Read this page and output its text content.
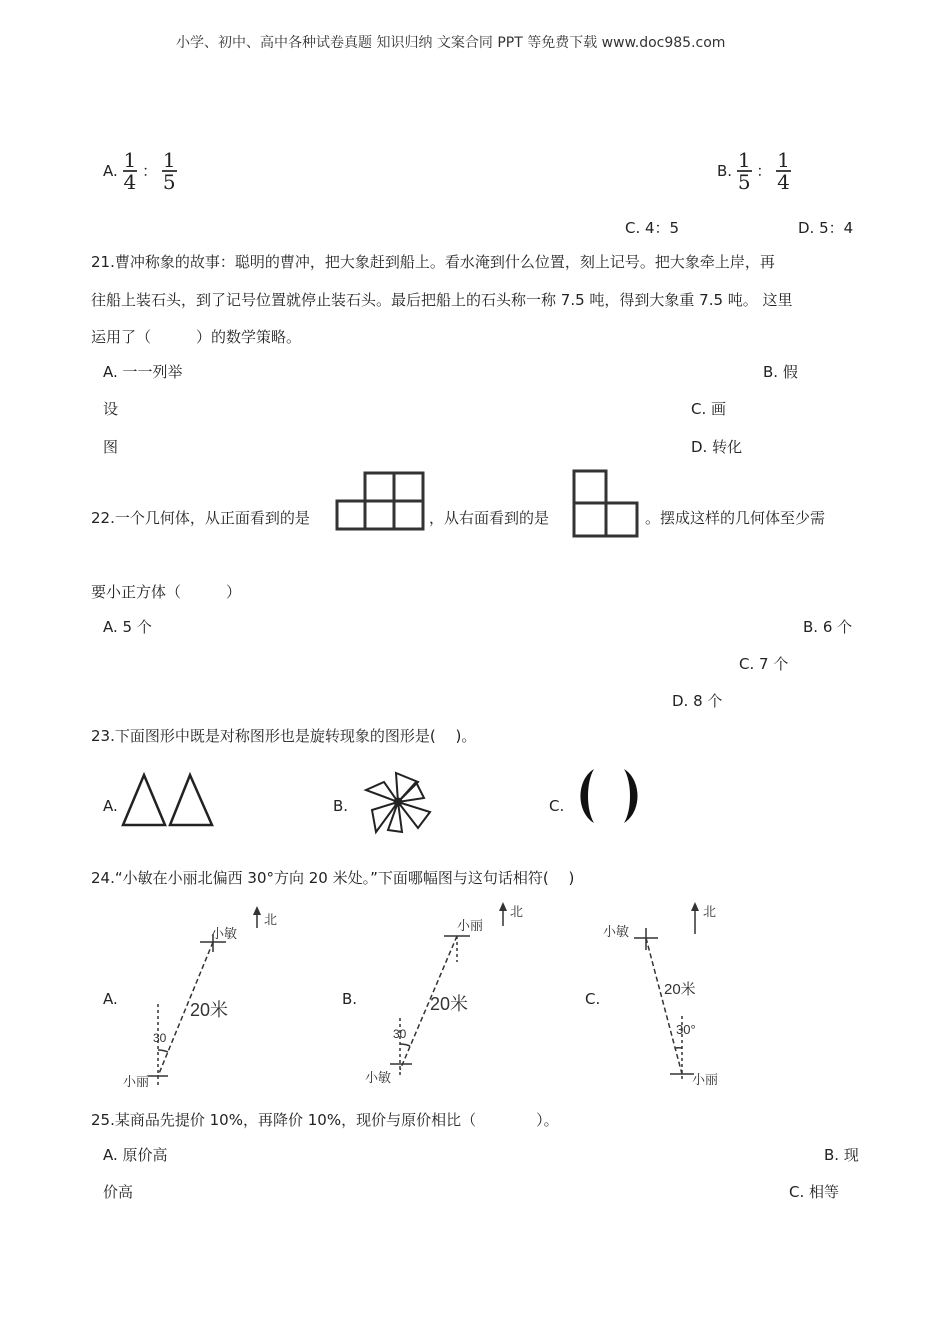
小学、初中、高中各种试卷真题 知识归纳 文案合同 PPT 等免费下载 www.doc985.com
A. $\frac{1}{4}$ ： $\frac{1}{5}$	B. $\frac{1}{5}$ ： $\frac{1}{4}$
C. 4：5	D. 5：4
21.曹冲称象的故事：聪明的曹冲，把大象赶到船上。看水淹到什么位置，刻上记号。把大象牵上岸，再
往船上装石头，到了记号位置就停止装石头。最后把船上的石头称一称 7.5 吨，得到大象重 7.5 吨。 这里
运用了（　　　）的数学策略。
A. 一一列举	B. 假
设	C. 画
图	D. 转化
22.一个几何体，从正面看到的是	，从右面看到的是	。摆成这样的几何体至少需
要小正方体（　　　）
A. 5 个	B. 6 个
C. 7 个
D. 8 个
23.下面图形中既是对称图形也是旋转现象的图形是(　 )。
A.	B.	C.
24.“小敏在小丽北偏西 30°方向 20 米处。”下面哪幅图与这句话相符(　 )
A.
北
小敏
小丽
20米
30
B.
北
小丽
小敏
20米
30
C.
北
小敏
小丽
20米
30°
25.某商品先提价 10%，再降价 10%，现价与原价相比（　　　　）。
A. 原价高	B. 现
价高	C. 相等
